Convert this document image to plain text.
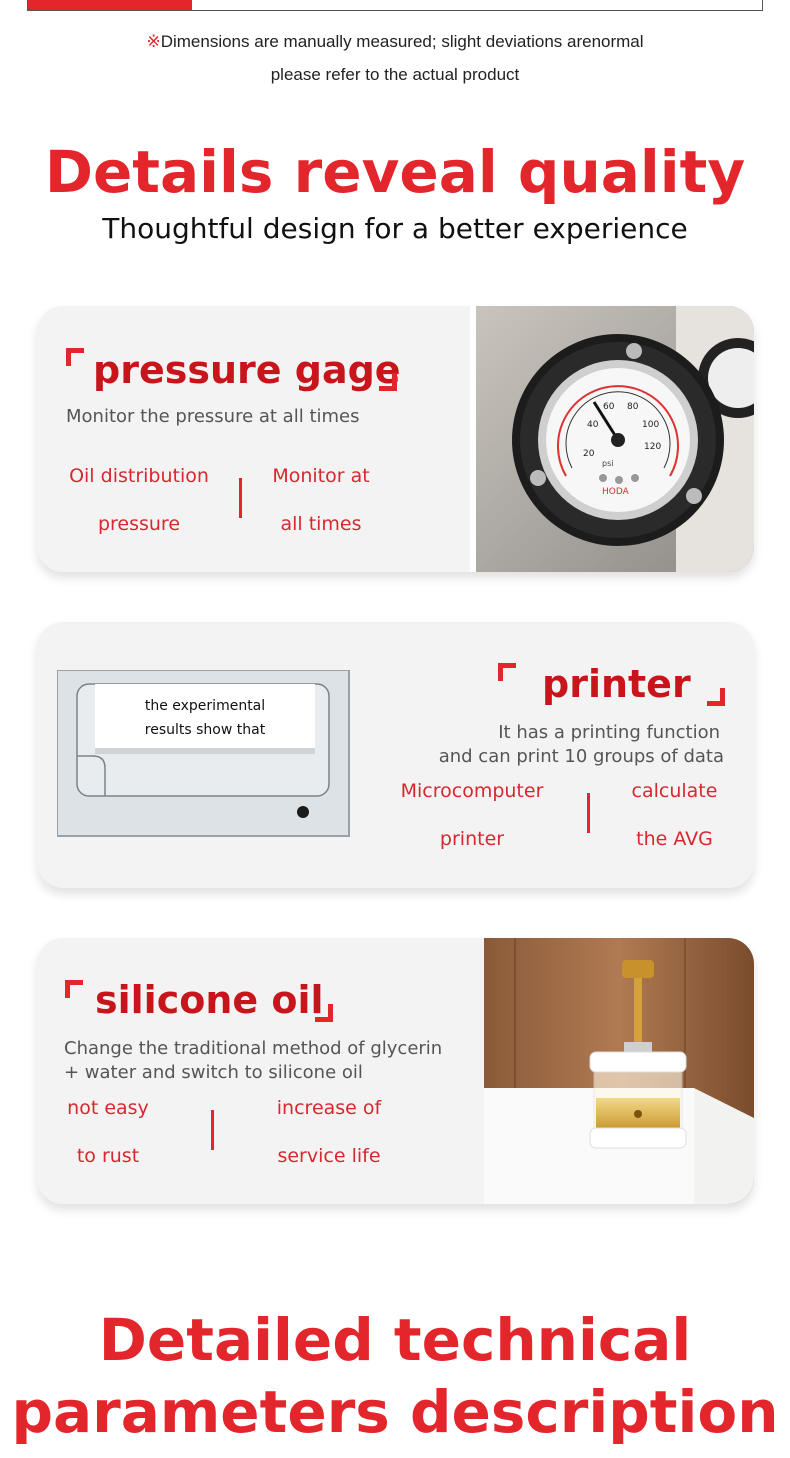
※Dimensions are manually measured; slight deviations arenormal
please refer to the actual product
Details reveal quality
Thoughtful design for a better experience
pressure gage
Monitor the pressure at all times
Oil distribution
pressure
Monitor at
all times
20
40
60 80
100
120
psi
HODA
the experimental
results show that
printer
It has a printing function
and can print 10 groups of data
Microcomputer
printer
calculate
the AVG
silicone oil
Change the traditional method of glycerin
+ water and switch to silicone oil
not easy
to rust
increase of
service life
Detailed technical
parameters description
